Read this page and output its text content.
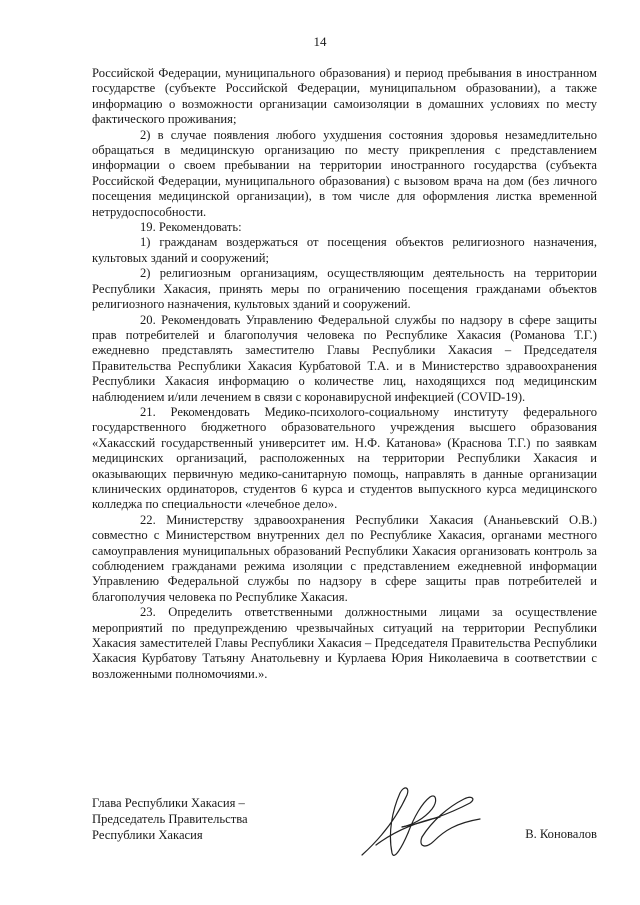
14

Российской Федерации, муниципального образования) и период пребывания в иностранном государстве (субъекте Российской Федерации, муниципальном образовании), а также информацию о возможности организации самоизоляции в домашних условиях по месту фактического проживания;

2) в случае появления любого ухудшения состояния здоровья незамедлительно обращаться в медицинскую организацию по месту прикрепления с представлением информации о своем пребывании на территории иностранного государства (субъекта Российской Федерации, муниципального образования) с вызовом врача на дом (без личного посещения медицинской организации), в том числе для оформления листка временной нетрудоспособности.

19. Рекомендовать:

1) гражданам воздержаться от посещения объектов религиозного назначения, культовых зданий и сооружений;

2) религиозным организациям, осуществляющим деятельность на территории Республики Хакасия, принять меры по ограничению посещения гражданами объектов религиозного назначения, культовых зданий и сооружений.

20. Рекомендовать Управлению Федеральной службы по надзору в сфере защиты прав потребителей и благополучия человека по Республике Хакасия (Романова Т.Г.) ежедневно представлять заместителю Главы Республики Хакасия – Председателя Правительства Республики Хакасия Курбатовой Т.А. и в Министерство здравоохранения Республики Хакасия информацию о количестве лиц, находящихся под медицинским наблюдением и/или лечением в связи с коронавирусной инфекцией (COVID-19).

21. Рекомендовать Медико-психолого-социальному институту федерального государственного бюджетного образовательного учреждения высшего образования «Хакасский государственный университет им. Н.Ф. Катанова» (Краснова Т.Г.) по заявкам медицинских организаций, расположенных на территории Республики Хакасия и оказывающих первичную медико-санитарную помощь, направлять в данные организации клинических ординаторов, студентов 6 курса и студентов выпускного курса медицинского колледжа по специальности «лечебное дело».

22. Министерству здравоохранения Республики Хакасия (Ананьевский О.В.) совместно с Министерством внутренних дел по Республике Хакасия, органами местного самоуправления муниципальных образований Республики Хакасия организовать контроль за соблюдением гражданами режима изоляции с представлением ежедневной информации Управлению Федеральной службы по надзору в сфере защиты прав потребителей и благополучия человека по Республике Хакасия.

23. Определить ответственными должностными лицами за осуществление мероприятий по предупреждению чрезвычайных ситуаций на территории Республики Хакасия заместителей Главы Республики Хакасия – Председателя Правительства Республики Хакасия Курбатову Татьяну Анатольевну и Курлаева Юрия Николаевича в соответствии с возложенными полномочиями.».

Глава Республики Хакасия –
Председатель Правительства
Республики Хакасия	В. Коновалов
